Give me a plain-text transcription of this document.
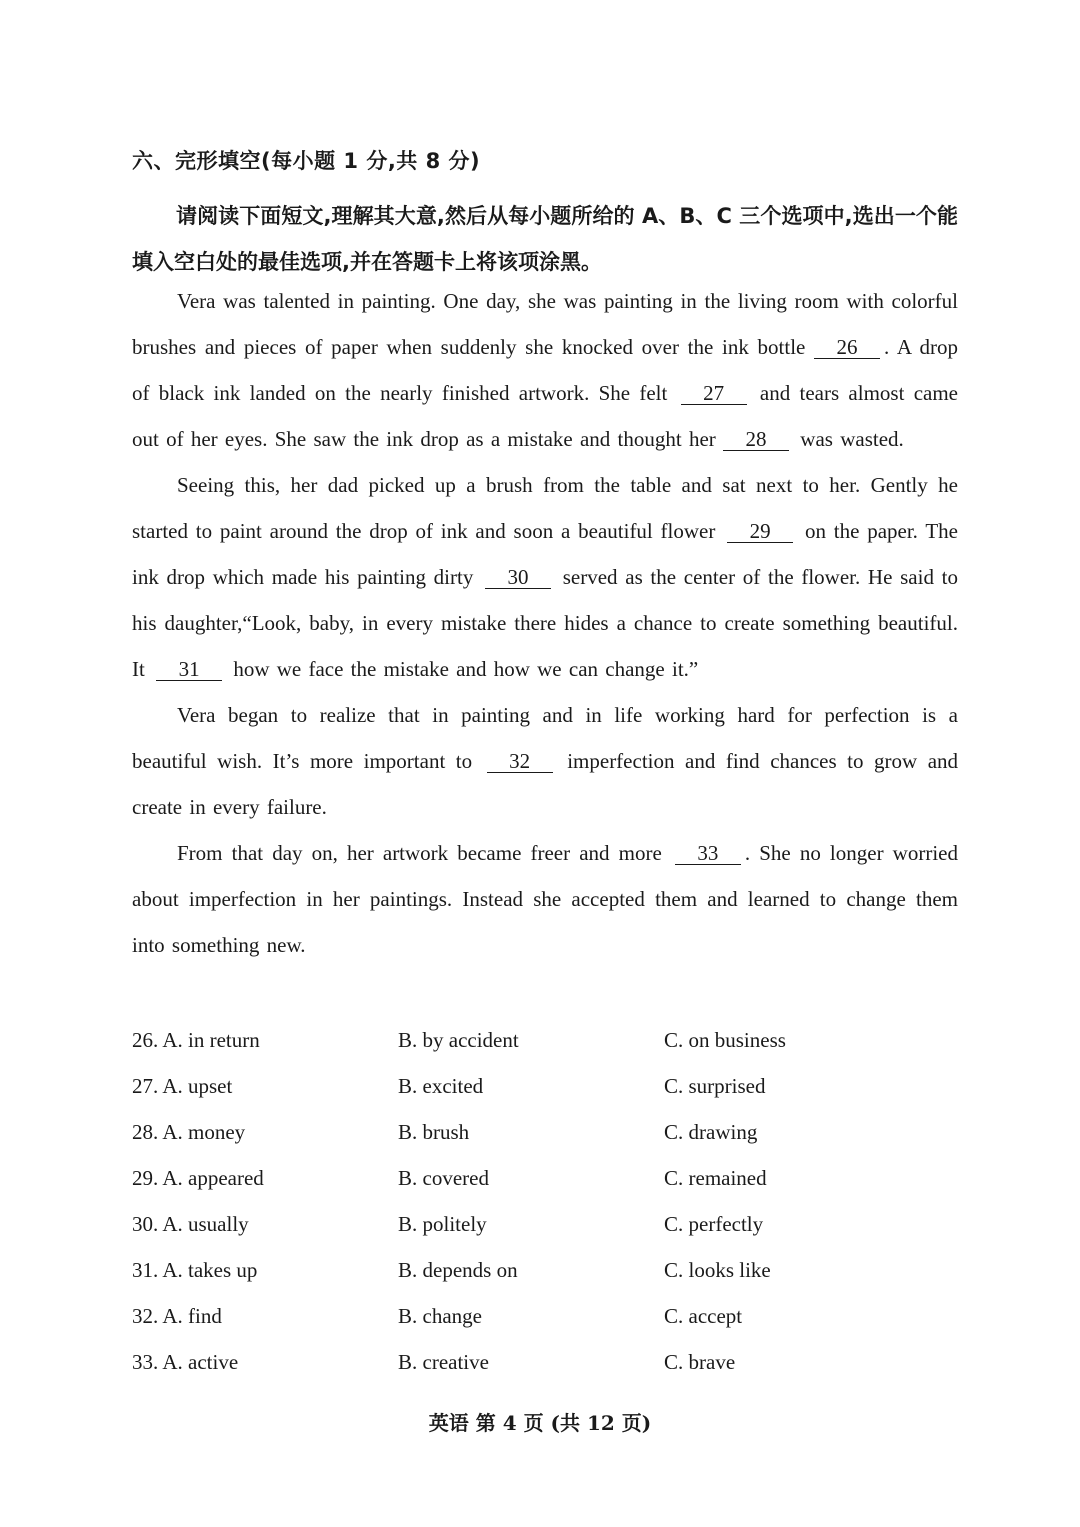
六、完形填空(每小题 1 分,共 8 分)
请阅读下面短文,理解其大意,然后从每小题所给的 A、B、C 三个选项中,选出一个能填入空白处的最佳选项,并在答题卡上将该项涂黑。

Vera was talented in painting. One day, she was painting in the living room with colorful brushes and pieces of paper when suddenly she knocked over the ink bottle 26 . A drop of black ink landed on the nearly finished artwork. She felt 27 and tears almost came out of her eyes. She saw the ink drop as a mistake and thought her 28 was wasted.

Seeing this, her dad picked up a brush from the table and sat next to her. Gently he started to paint around the drop of ink and soon a beautiful flower 29 on the paper. The ink drop which made his painting dirty 30 served as the center of the flower. He said to his daughter,“Look, baby, in every mistake there hides a chance to create something beautiful. It 31 how we face the mistake and how we can change it.”

Vera began to realize that in painting and in life working hard for perfection is a beautiful wish. It’s more important to 32 imperfection and find chances to grow and create in every failure.

From that day on, her artwork became freer and more 33 . She no longer worried about imperfection in her paintings. Instead she accepted them and learned to change them into something new.

26. A. in return	B. by accident	C. on business
27. A. upset	B. excited	C. surprised
28. A. money	B. brush	C. drawing
29. A. appeared	B. covered	C. remained
30. A. usually	B. politely	C. perfectly
31. A. takes up	B. depends on	C. looks like
32. A. find	B. change	C. accept
33. A. active	B. creative	C. brave
英语 第 4 页 (共 12 页)
